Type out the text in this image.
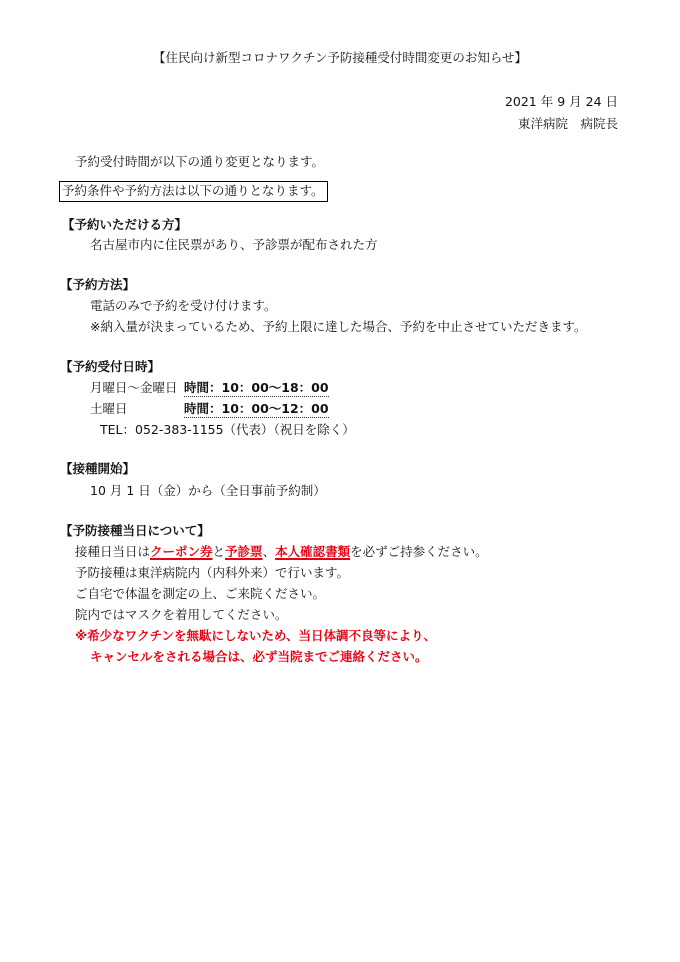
【住民向け新型コロナワクチン予防接種受付時間変更のお知らせ】
2021 年 9 月 24 日
東洋病院　病院長
予約受付時間が以下の通り変更となります。
予約条件や予約方法は以下の通りとなります。
【予約いただける方】
名古屋市内に住民票があり、予診票が配布された方
【予約方法】
電話のみで予約を受け付けます。
※納入量が決まっているため、予約上限に達した場合、予約を中止させていただきます。
【予約受付日時】
月曜日～金曜日 時間：10：00～18：00
土曜日	時間：10：00～12：00
TEL：052-383-1155（代表）（祝日を除く）
【接種開始】
10 月 1 日（金）から（全日事前予約制）
【予防接種当日について】
接種日当日はクーポン券と予診票、本人確認書類を必ずご持参ください。
予防接種は東洋病院内（内科外来）で行います。
ご自宅で体温を測定の上、ご来院ください。
院内ではマスクを着用してください。
※希少なワクチンを無駄にしないため、当日体調不良等により、
キャンセルをされる場合は、必ず当院までご連絡ください。
